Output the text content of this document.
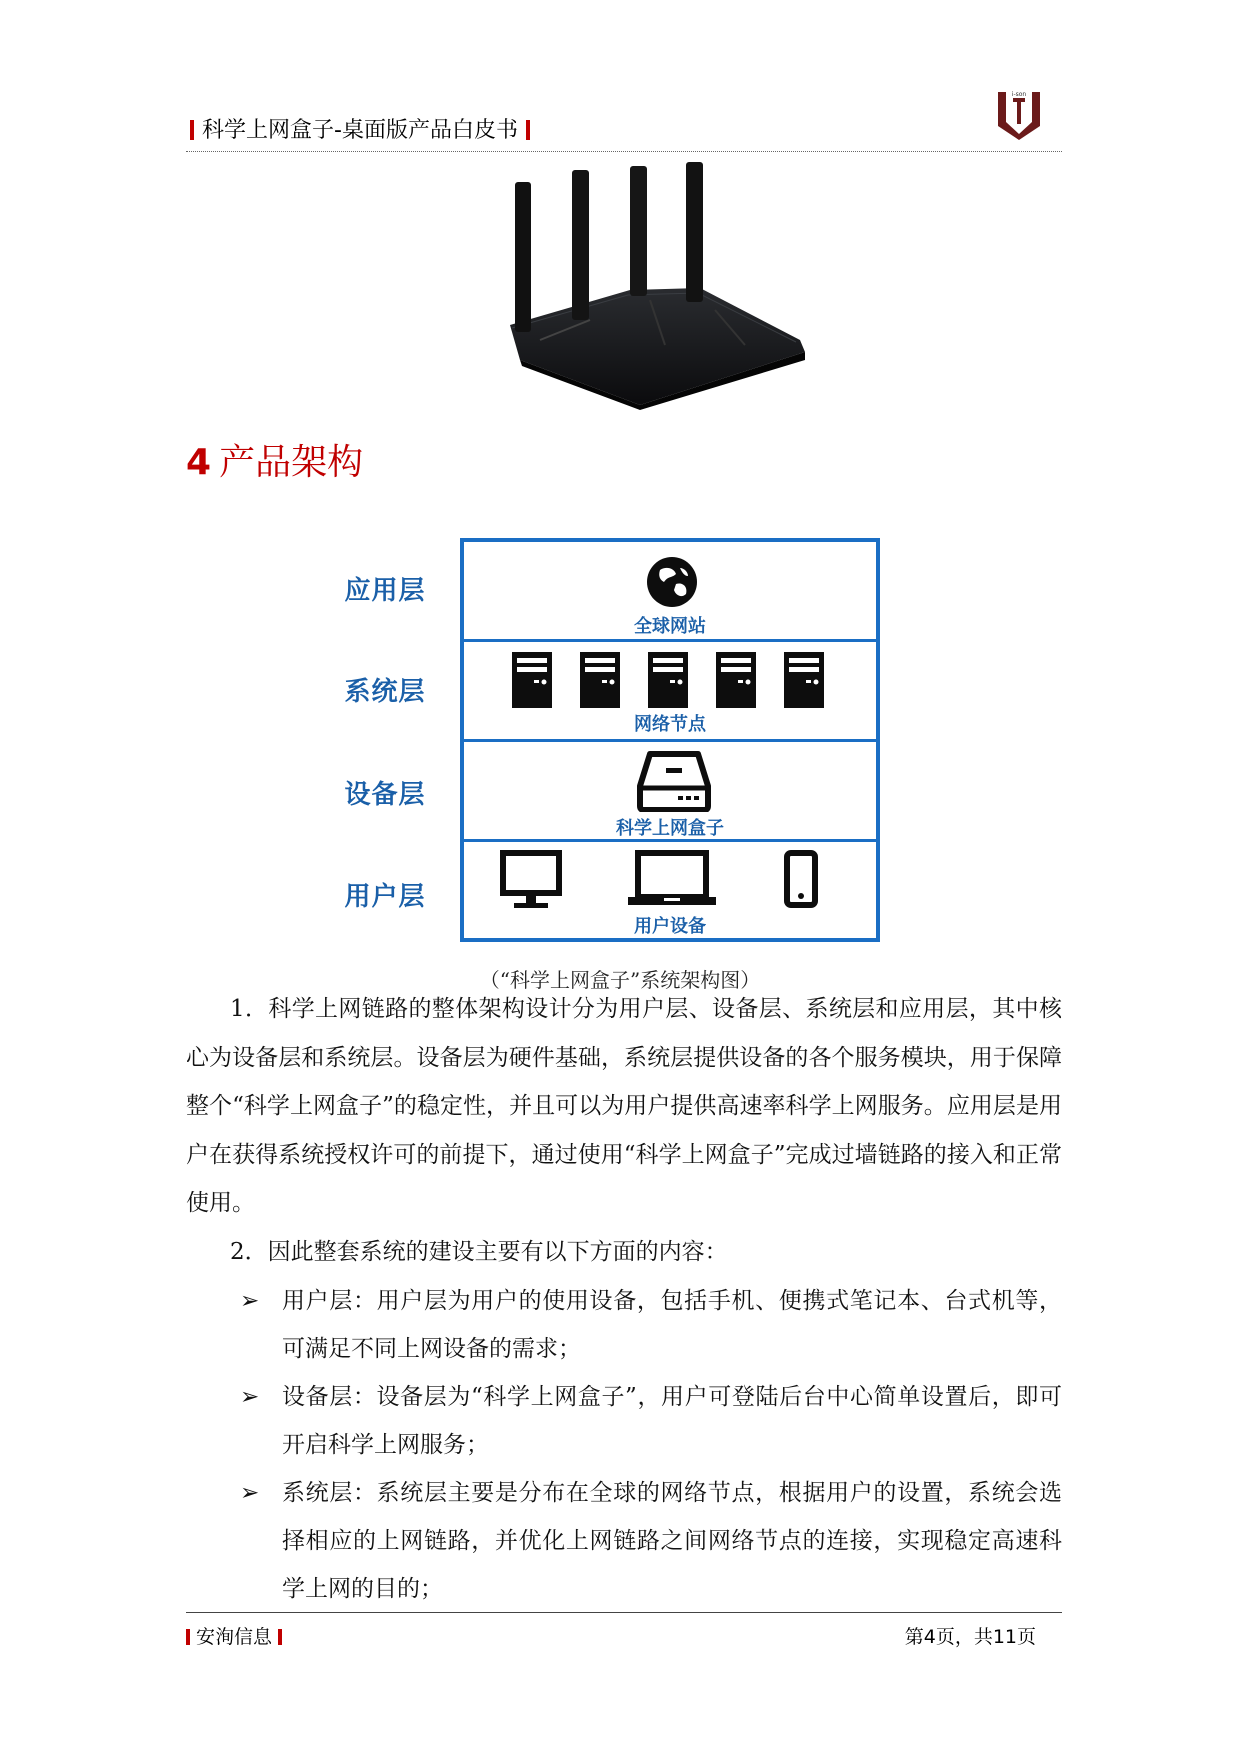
科学上网盒子-桌面版产品白皮书
i-son
4 产品架构
应用层
系统层
设备层
用户层
全球网站
网络节点
科学上网盒子
用户设备
（“科学上网盒子”系统架构图）
1．科学上网链路的整体架构设计分为用户层、设备层、系统层和应用层，其中核心为设备层和系统层。设备层为硬件基础，系统层提供设备的各个服务模块，用于保障整个“科学上网盒子”的稳定性，并且可以为用户提供高速率科学上网服务。应用层是用户在获得系统授权许可的前提下，通过使用“科学上网盒子”完成过墙链路的接入和正常使用。
2．因此整套系统的建设主要有以下方面的内容：
➢ 用户层：用户层为用户的使用设备，包括手机、便携式笔记本、台式机等，可满足不同上网设备的需求；
➢ 设备层：设备层为“科学上网盒子”，用户可登陆后台中心简单设置后，即可开启科学上网服务；
➢ 系统层：系统层主要是分布在全球的网络节点，根据用户的设置，系统会选择相应的上网链路，并优化上网链路之间网络节点的连接，实现稳定高速科学上网的目的；
安洵信息	第4页，共11页
